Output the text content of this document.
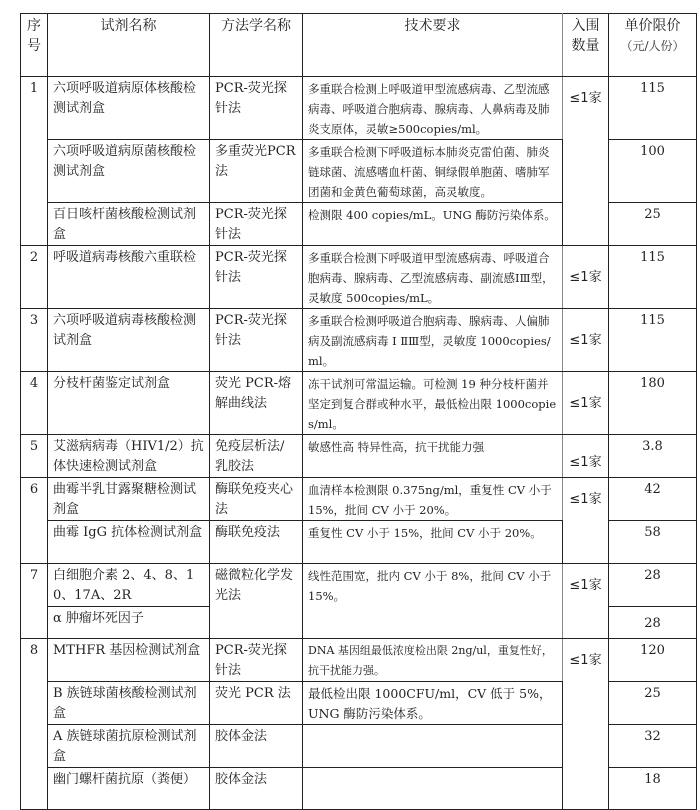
序号	试剂名称	方法学名称	技术要求	入围数量	单价限价
（元/人份）
1	六项呼吸道病原体核酸检测试剂盒	PCR-荧光探针法	多重联合检测上呼吸道甲型流感病毒、乙型流感病毒、呼吸道合胞病毒、腺病毒、人鼻病毒及肺炎支原体，灵敏≥500copies/ml。	≤1家	115
	六项呼吸道病原菌核酸检测试剂盒	多重荧光PCR法	多重联合检测下呼吸道标本肺炎克雷伯菌、肺炎链球菌、流感嗜血杆菌、铜绿假单胞菌、嗜肺军团菌和金黄色葡萄球菌，高灵敏度。		100
	百日咳杆菌核酸检测试剂盒	PCR-荧光探针法	检测限 400 copies/mL。UNG 酶防污染体系。		25
2	呼吸道病毒核酸六重联检	PCR-荧光探针法	多重联合检测下呼吸道甲型流感病毒、呼吸道合胞病毒、腺病毒、乙型流感病毒、副流感ⅠⅢ型，灵敏度 500copies/mL。	≤1家	115
3	六项呼吸道病毒核酸检测试剂盒	PCR-荧光探针法	多重联合检测呼吸道合胞病毒、腺病毒、人偏肺病及副流感病毒 Ⅰ ⅡⅢ型，灵敏度 1000copies/ml。	≤1家	115
4	分枝杆菌鉴定试剂盒	荧光 PCR-熔解曲线法	冻干试剂可常温运输。可检测 19 种分枝杆菌并坚定到复合群或种水平，最低检出限 1000copies/ml。	≤1家	180
5	艾滋病病毒（HIV1/2）抗体快速检测试剂盒	免疫层析法/乳胶法	敏感性高 特异性高，抗干扰能力强	≤1家	3.8
6	曲霉半乳甘露聚糖检测试剂盒	酶联免疫夹心法	血清样本检测限 0.375ng/ml，重复性 CV 小于 15%，批间 CV 小于 20%。	≤1家	42
	曲霉 IgG 抗体检测试剂盒	酶联免疫法	重复性 CV 小于 15%，批间 CV 小于 20%。		58
7	白细胞介素 2、4、8、10、17A、2R	磁微粒化学发光法	线性范围宽，批内 CV 小于 8%，批间 CV 小于 15%。	≤1家	28
	α 肿瘤坏死因子				28
8	MTHFR 基因检测试剂盒	PCR-荧光探针法	DNA 基因组最低浓度检出限 2ng/ul，重复性好，抗干扰能力强。	≤1家	120
	B 族链球菌核酸检测试剂盒	荧光 PCR 法	最低检出限 1000CFU/ml，CV 低于 5%，UNG 酶防污染体系。		25
	A 族链球菌抗原检测试剂盒	胶体金法			32
	幽门螺杆菌抗原（粪便）	胶体金法			18
